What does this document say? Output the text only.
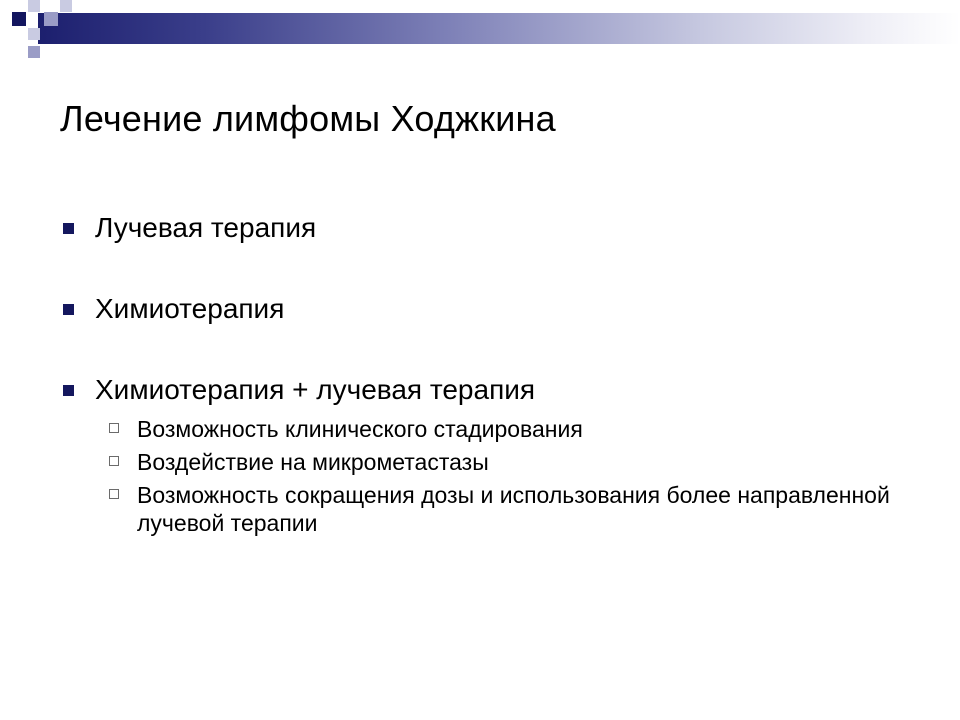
Лечение лимфомы Ходжкина
Лучевая терапия
Химиотерапия
Химиотерапия + лучевая терапия
Возможность клинического стадирования
Воздействие на микрометастазы
Возможность сокращения дозы и использования более направленной лучевой терапии
